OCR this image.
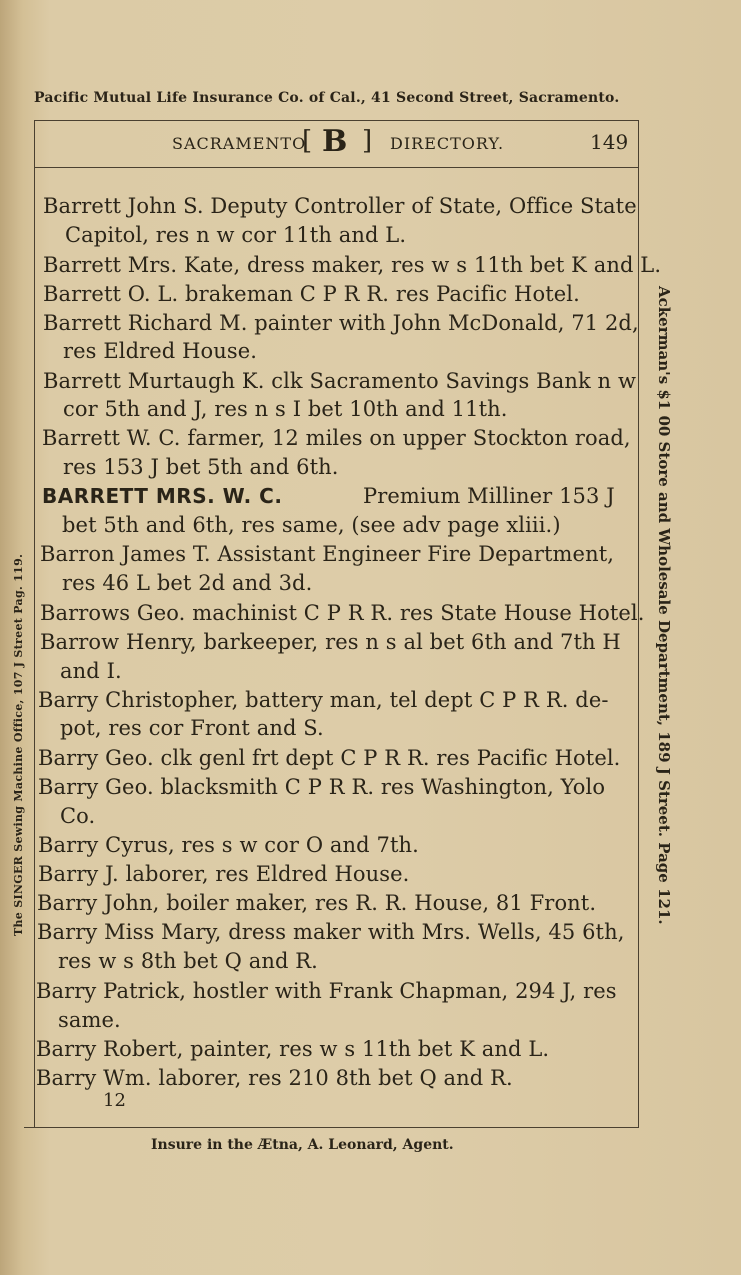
Pacific Mutual Life Insurance Co. of Cal., 41 Second Street, Sacramento.
SACRAMENTO
[ B ] DIRECTORY.	149
Barrett John S. Deputy Controller of State, Office State
Capitol, res n w cor 11th and L.
Barrett Mrs. Kate, dress maker, res w s 11th bet K and L.
Barrett O. L. brakeman C P R R. res Pacific Hotel.
Barrett Richard M. painter with John McDonald, 71 2d,
res Eldred House.
Barrett Murtaugh K. clk Sacramento Savings Bank n w
cor 5th and J, res n s I bet 10th and 11th.
Barrett W. C. farmer, 12 miles on upper Stockton road,
res 153 J bet 5th and 6th.
BARRETT MRS. W. C.	Premium Milliner 153 J
bet 5th and 6th, res same, (see adv page xliii.)
Barron James T. Assistant Engineer Fire Department,
res 46 L bet 2d and 3d.
Barrows Geo. machinist C P R R. res State House Hotel.
Barrow Henry, barkeeper, res n s al bet 6th and 7th H
and I.
Barry Christopher, battery man, tel dept C P R R. de-
pot, res cor Front and S.
Barry Geo. clk genl frt dept C P R R. res Pacific Hotel.
Barry Geo. blacksmith C P R R. res Washington, Yolo
Co.
Barry Cyrus, res s w cor O and 7th.
Barry J. laborer, res Eldred House.
Barry John, boiler maker, res R. R. House, 81 Front.
Barry Miss Mary, dress maker with Mrs. Wells, 45 6th,
res w s 8th bet Q and R.
Barry Patrick, hostler with Frank Chapman, 294 J, res
same.
Barry Robert, painter, res w s 11th bet K and L.
Barry Wm. laborer, res 210 8th bet Q and R.
12
Insure in the Ætna, A. Leonard, Agent.
Ackerman's $1 00 Store and Wholesale Department, 189 J Street. Page 121.
The SINGER Sewing Machine Office, 107 J Street Pag. 119.
